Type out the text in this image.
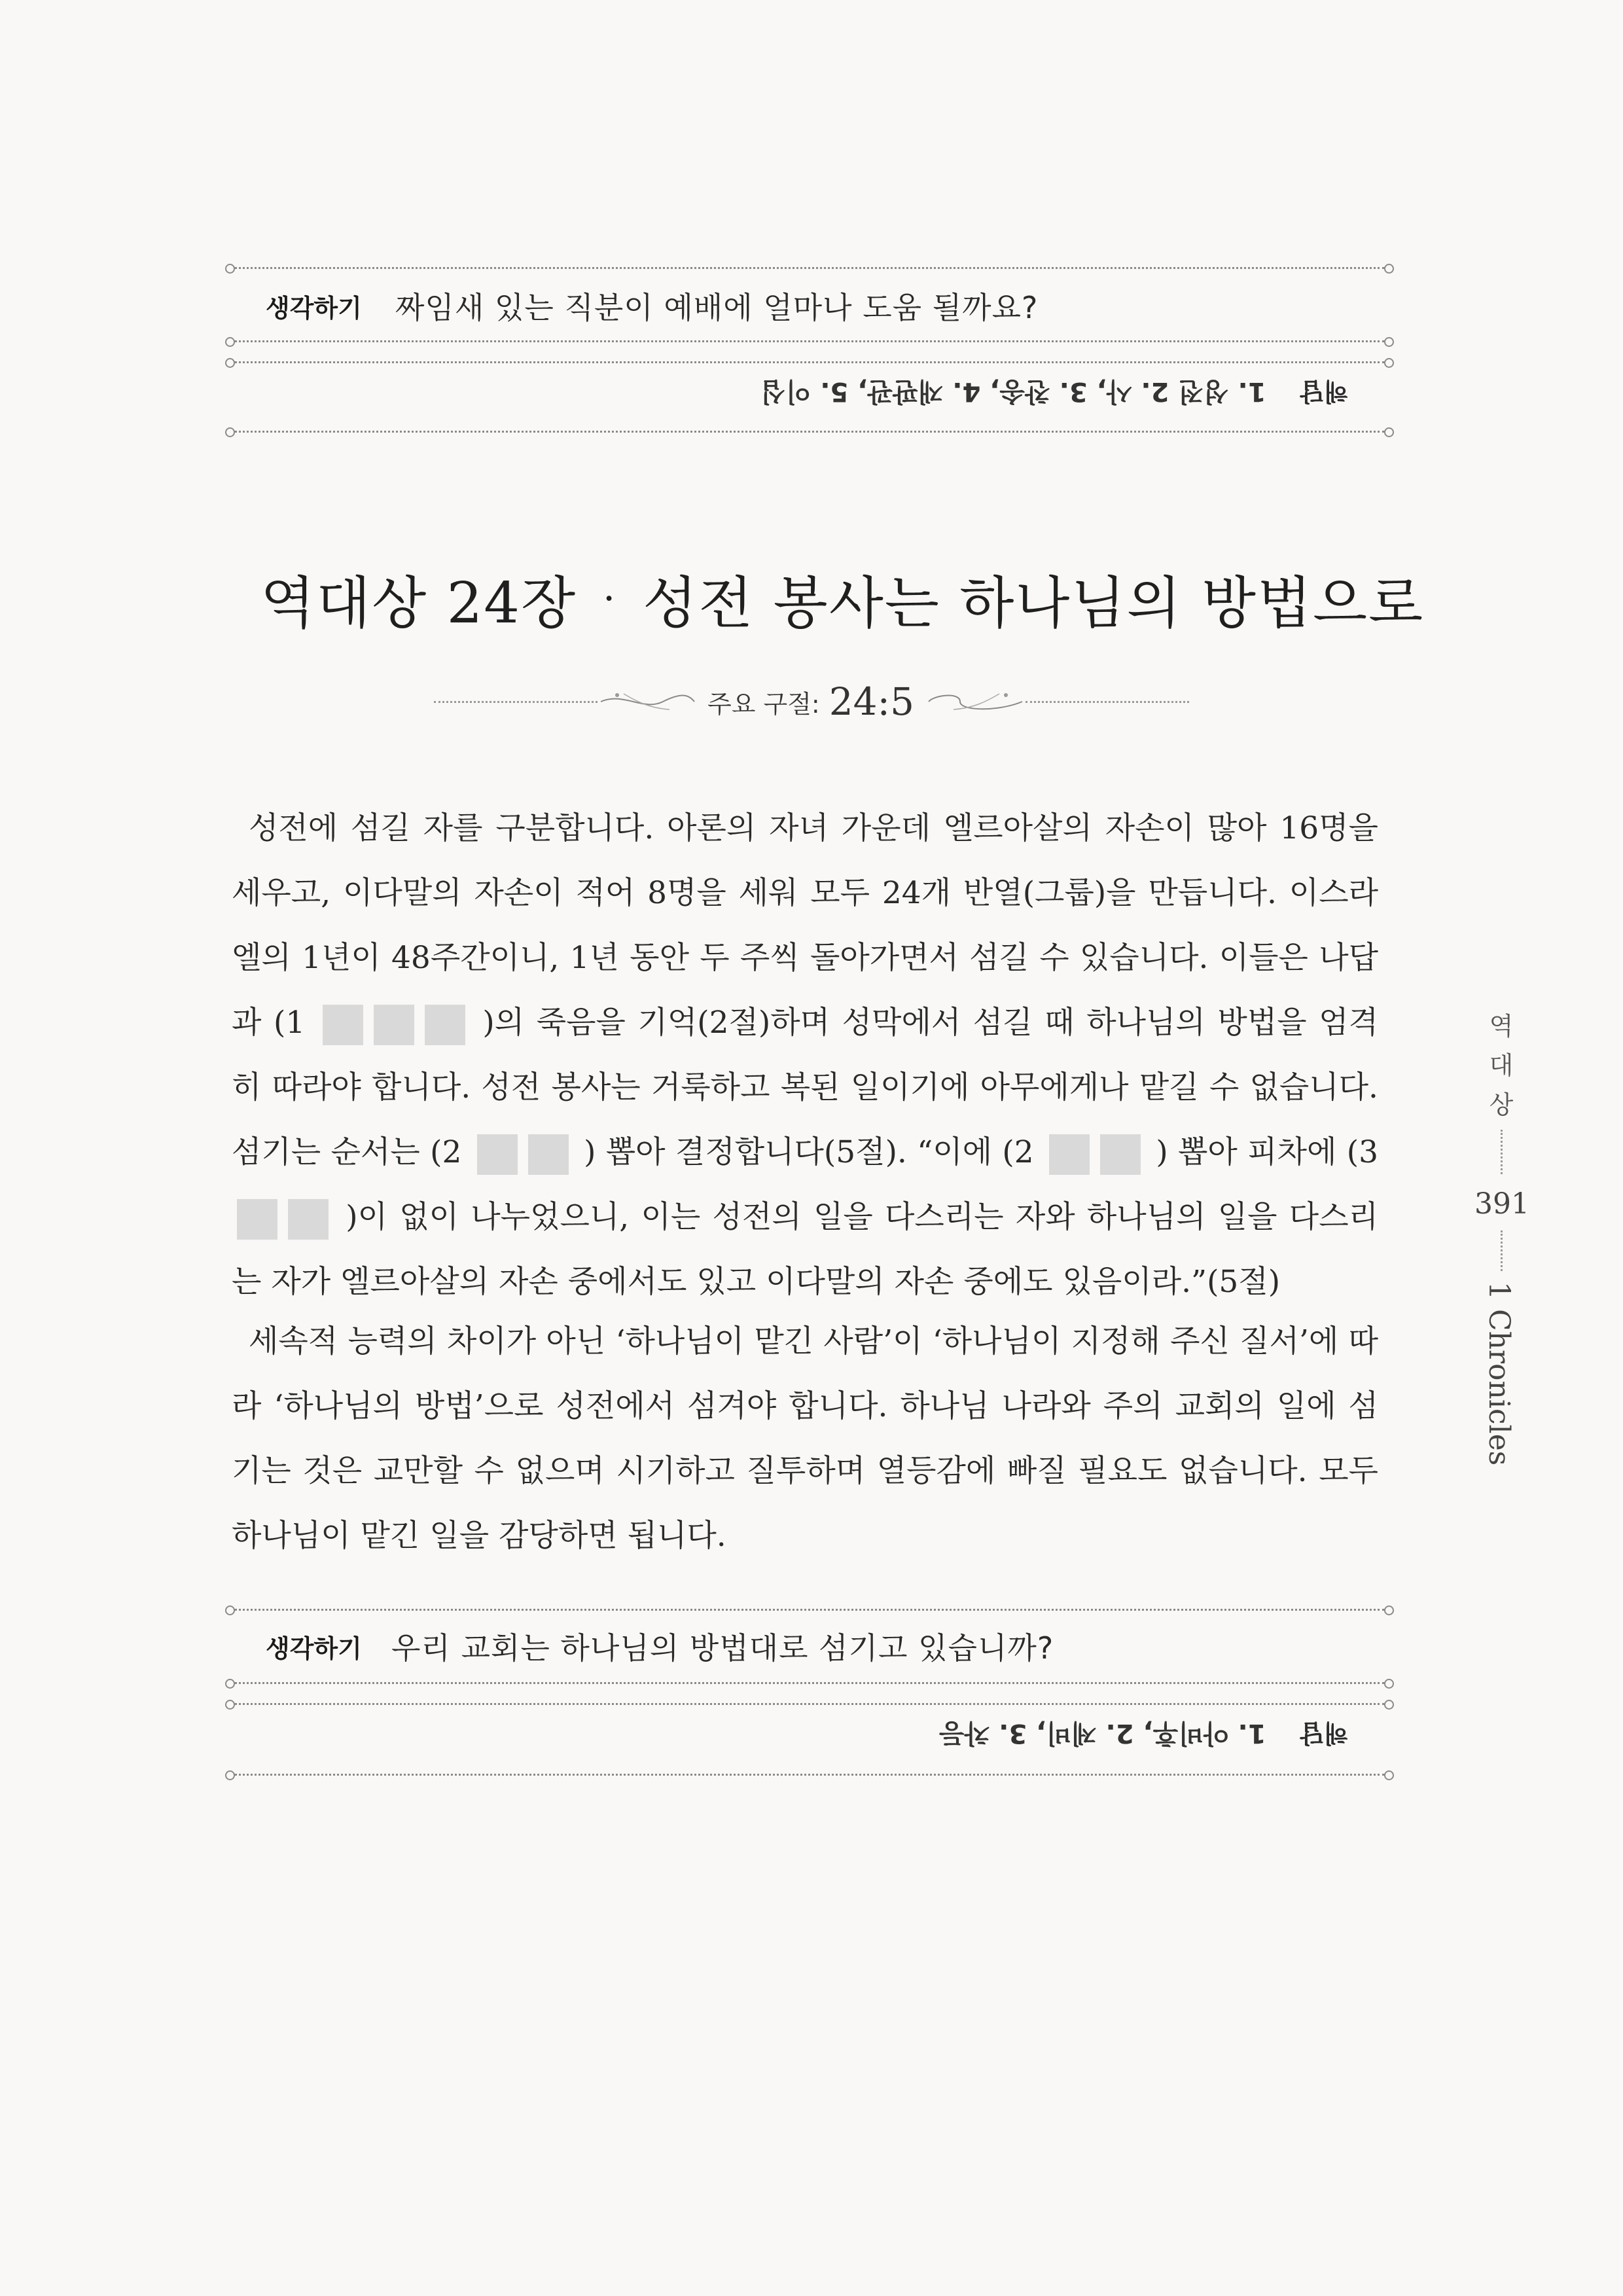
생각하기 짜임새 있는 직분이 예배에 얼마나 도움 될까요?
해답
1. 성전 2. 사, 3. 찬송, 4. 재판관, 5. 이십
역대상 24장 · 성전 봉사는 하나님의 방법으로
주요 구절: 24:5

성전에 섬길 자를 구분합니다. 아론의 자녀 가운데 엘르아살의 자손이 많아 16명을 세우고, 이다말의 자손이 적어 8명을 세워 모두 24개 반열(그룹)을 만듭니다. 이스라엘의 1년이 48주간이니, 1년 동안 두 주씩 돌아가면서 섬길 수 있습니다. 이들은 나답과 (1	)의 죽음을 기억(2절)하며 성막에서 섬길 때 하나님의 방법을 엄격히 따라야 합니다. 성전 봉사는 거룩하고 복된 일이기에 아무에게나 맡길 수 없습니다. 섬기는 순서는 (2	) 뽑아 결정합니다(5절). “이에 (2	) 뽑아 피차에 (3  )이 없이 나누었으니, 이는 성전의 일을 다스리는 자와 하나님의 일을 다스리는 자가 엘르아살의 자손 중에서도 있고 이다말의 자손 중에도 있음이라.”(5절)

세속적 능력의 차이가 아닌 ‘하나님이 맡긴 사람’이 ‘하나님이 지정해 주신 질서’에 따라 ‘하나님의 방법’으로 성전에서 섬겨야 합니다. 하나님 나라와 주의 교회의 일에 섬기는 것은 교만할 수 없으며 시기하고 질투하며 열등감에 빠질 필요도 없습니다. 모두 하나님이 맡긴 일을 감당하면 됩니다.

생각하기 우리 교회는 하나님의 방법대로 섬기고 있습니까?
해답
1. 아비후, 2. 제비, 3. 차등
역
대
상
391
1 Chronicles
